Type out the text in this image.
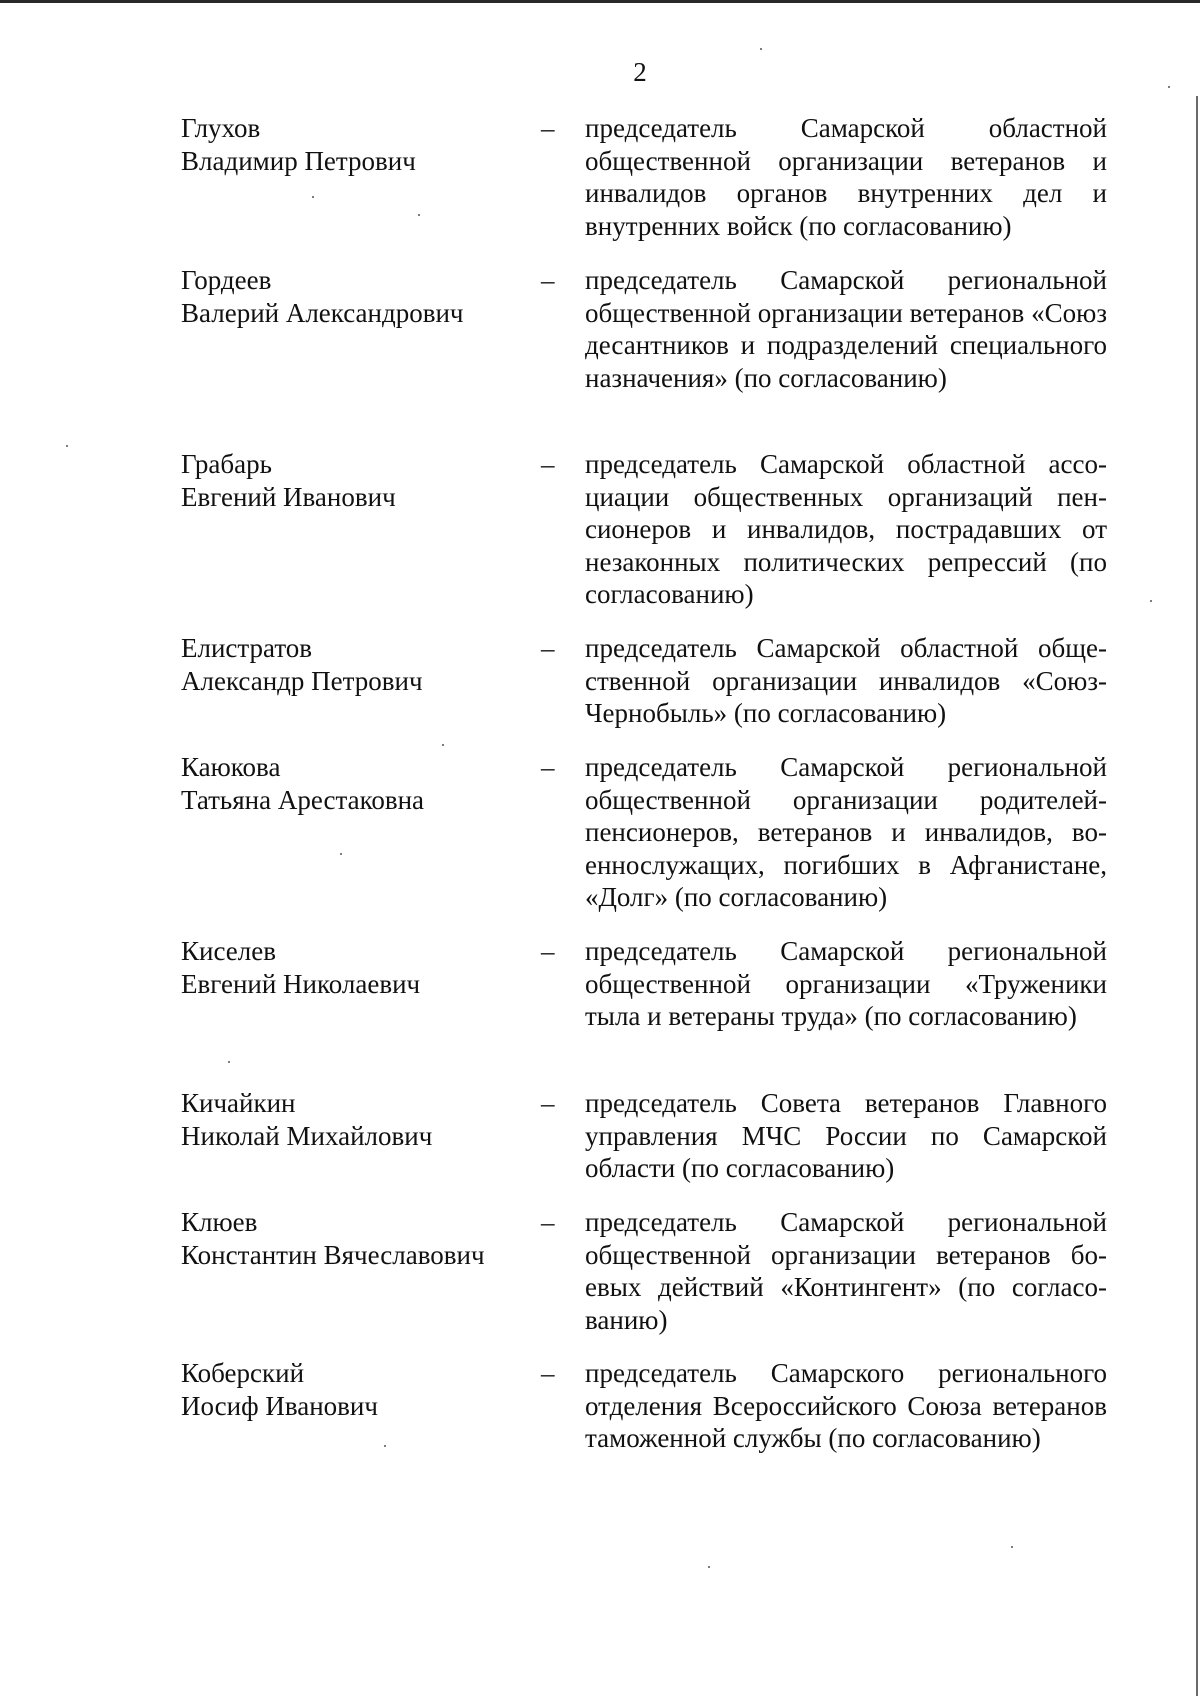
2
Глухов
Владимир Петрович
– председатель Самарской областной общественной организации ветеранов и инвалидов органов внутренних дел и внутренних войск (по согласованию)
Гордеев
Валерий Александрович
– председатель Самарской региональной общественной организации ветеранов «Союз десантников и подразделений специального назначения» (по согласованию)
Грабарь
Евгений Иванович
– председатель Самарской областной ассоциации общественных организаций пенсионеров и инвалидов, пострадавших от незаконных политических репрессий (по согласованию)
Елистратов
Александр Петрович
– председатель Самарской областной общественной организации инвалидов «Союз-Чернобыль» (по согласованию)
Каюкова
Татьяна Арестаковна
– председатель Самарской региональной общественной организации родителей-пенсионеров, ветеранов и инвалидов, военнослужащих, погибших в Афганистане, «Долг» (по согласованию)
Киселев
Евгений Николаевич
– председатель Самарской региональной общественной организации «Труженики тыла и ветераны труда» (по согласованию)
Кичайкин
Николай Михайлович
– председатель Совета ветеранов Главного управления МЧС России по Самарской области (по согласованию)
Клюев
Константин Вячеславович
– председатель Самарской региональной общественной организации ветеранов боевых действий «Контингент» (по согласованию)
Коберский
Иосиф Иванович
– председатель Самарского регионального отделения Всероссийского Союза ветеранов таможенной службы (по согласованию)
